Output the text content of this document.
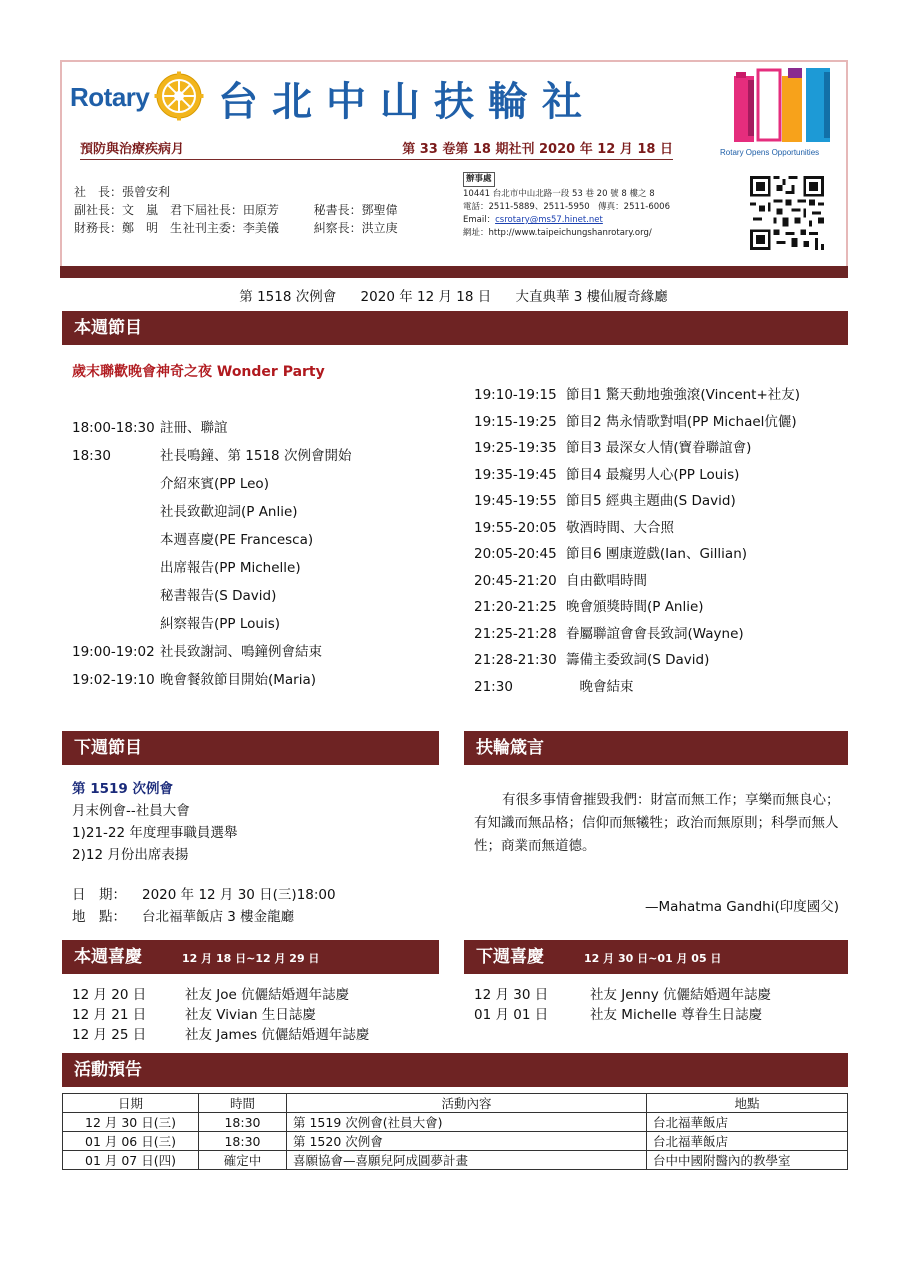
Rotary 台北中山扶輪社
Rotary Opens Opportunities
預防與治療疾病月	第 33 卷第 18 期社刊 2020 年 12 月 18 日
社　長：張曾安利
副社長：文　嵐　君 下屆社長：田原芳	秘書長：鄧聖偉
財務長：鄭　明　生 社刊主委：李美儀	糾察長：洪立庚
辦事處
10441 台北市中山北路一段 53 巷 20 號 8 樓之 8
電話：2511-5889、2511-5950　傳真：2511-6006
Email：csrotary@ms57.hinet.net
網址：http://www.taipeichungshanrotary.org/
第 1518 次例會 2020 年 12 月 18 日 大直典華 3 樓仙履奇緣廳
本週節目
歲末聯歡晚會神奇之夜 Wonder Party
18:00-18:30 註冊、聯誼
18:30	社長鳴鐘、第 1518 次例會開始
介紹來賓(PP Leo)
社長致歡迎詞(P Anlie)
本週喜慶(PE Francesca)
出席報告(PP Michelle)
秘書報告(S David)
糾察報告(PP Louis)
19:00-19:02 社長致謝詞、鳴鐘例會結束
19:02-19:10 晚會餐敘節目開始(Maria)
19:10-19:15 節目1 驚天動地強強滾(Vincent+社友)
19:15-19:25 節目2 雋永情歌對唱(PP Michael伉儷)
19:25-19:35 節目3 最深女人情(寶眷聯誼會)
19:35-19:45 節目4 最癡男人心(PP Louis)
19:45-19:55 節目5 經典主題曲(S David)
19:55-20:05 敬酒時間、大合照
20:05-20:45 節目6 團康遊戲(Ian、Gillian)
20:45-21:20 自由歡唱時間
21:20-21:25 晚會頒獎時間(P Anlie)
21:25-21:28 眷屬聯誼會會長致詞(Wayne)
21:28-21:30 籌備主委致詞(S David)
21:30	　晚會結束
下週節目	扶輪箴言
第 1519 次例會
月末例會--社員大會
1)21-22 年度理事職員選舉
2)12 月份出席表揚
日　期： 2020 年 12 月 30 日(三)18:00
地　點： 台北福華飯店 3 樓金龍廳
有很多事情會摧毀我們：財富而無工作；享樂而無良心；有知識而無品格；信仰而無犧牲；政治而無原則；科學而無人性；商業而無道德。
—Mahatma Gandhi(印度國父)
本週喜慶	12 月 18 日~12 月 29 日	下週喜慶	12 月 30 日~01 月 05 日
12 月 20 日	社友 Joe 伉儷結婚週年誌慶
12 月 21 日	社友 Vivian 生日誌慶
12 月 25 日	社友 James 伉儷結婚週年誌慶
12 月 30 日	社友 Jenny 伉儷結婚週年誌慶
01 月 01 日	社友 Michelle 尊眷生日誌慶
活動預告
日期	時間	活動內容	地點
12 月 30 日(三)	18:30	第 1519 次例會(社員大會)	台北福華飯店
01 月 06 日(三)	18:30	第 1520 次例會	台北福華飯店
01 月 07 日(四)	確定中	喜願協會—喜願兒阿成圓夢計畫	台中中國附醫內的教學室
